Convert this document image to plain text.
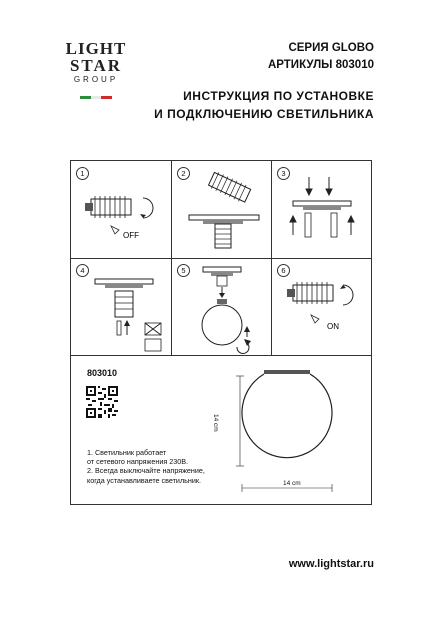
LIGHT
STAR
GROUP
СЕРИЯ GLOBO
АРТИКУЛЫ 803010
ИНСТРУКЦИЯ ПО УСТАНОВКЕ
И ПОДКЛЮЧЕНИЮ СВЕТИЛЬНИКА
1
OFF
2	3
4	5	6
ON
803010
1. Светильник работает
от сетевого напряжения 230В.
2. Всегда выключайте напряжение,
когда устанавливаете светильник.
14 cm
14 cm
www.lightstar.ru
